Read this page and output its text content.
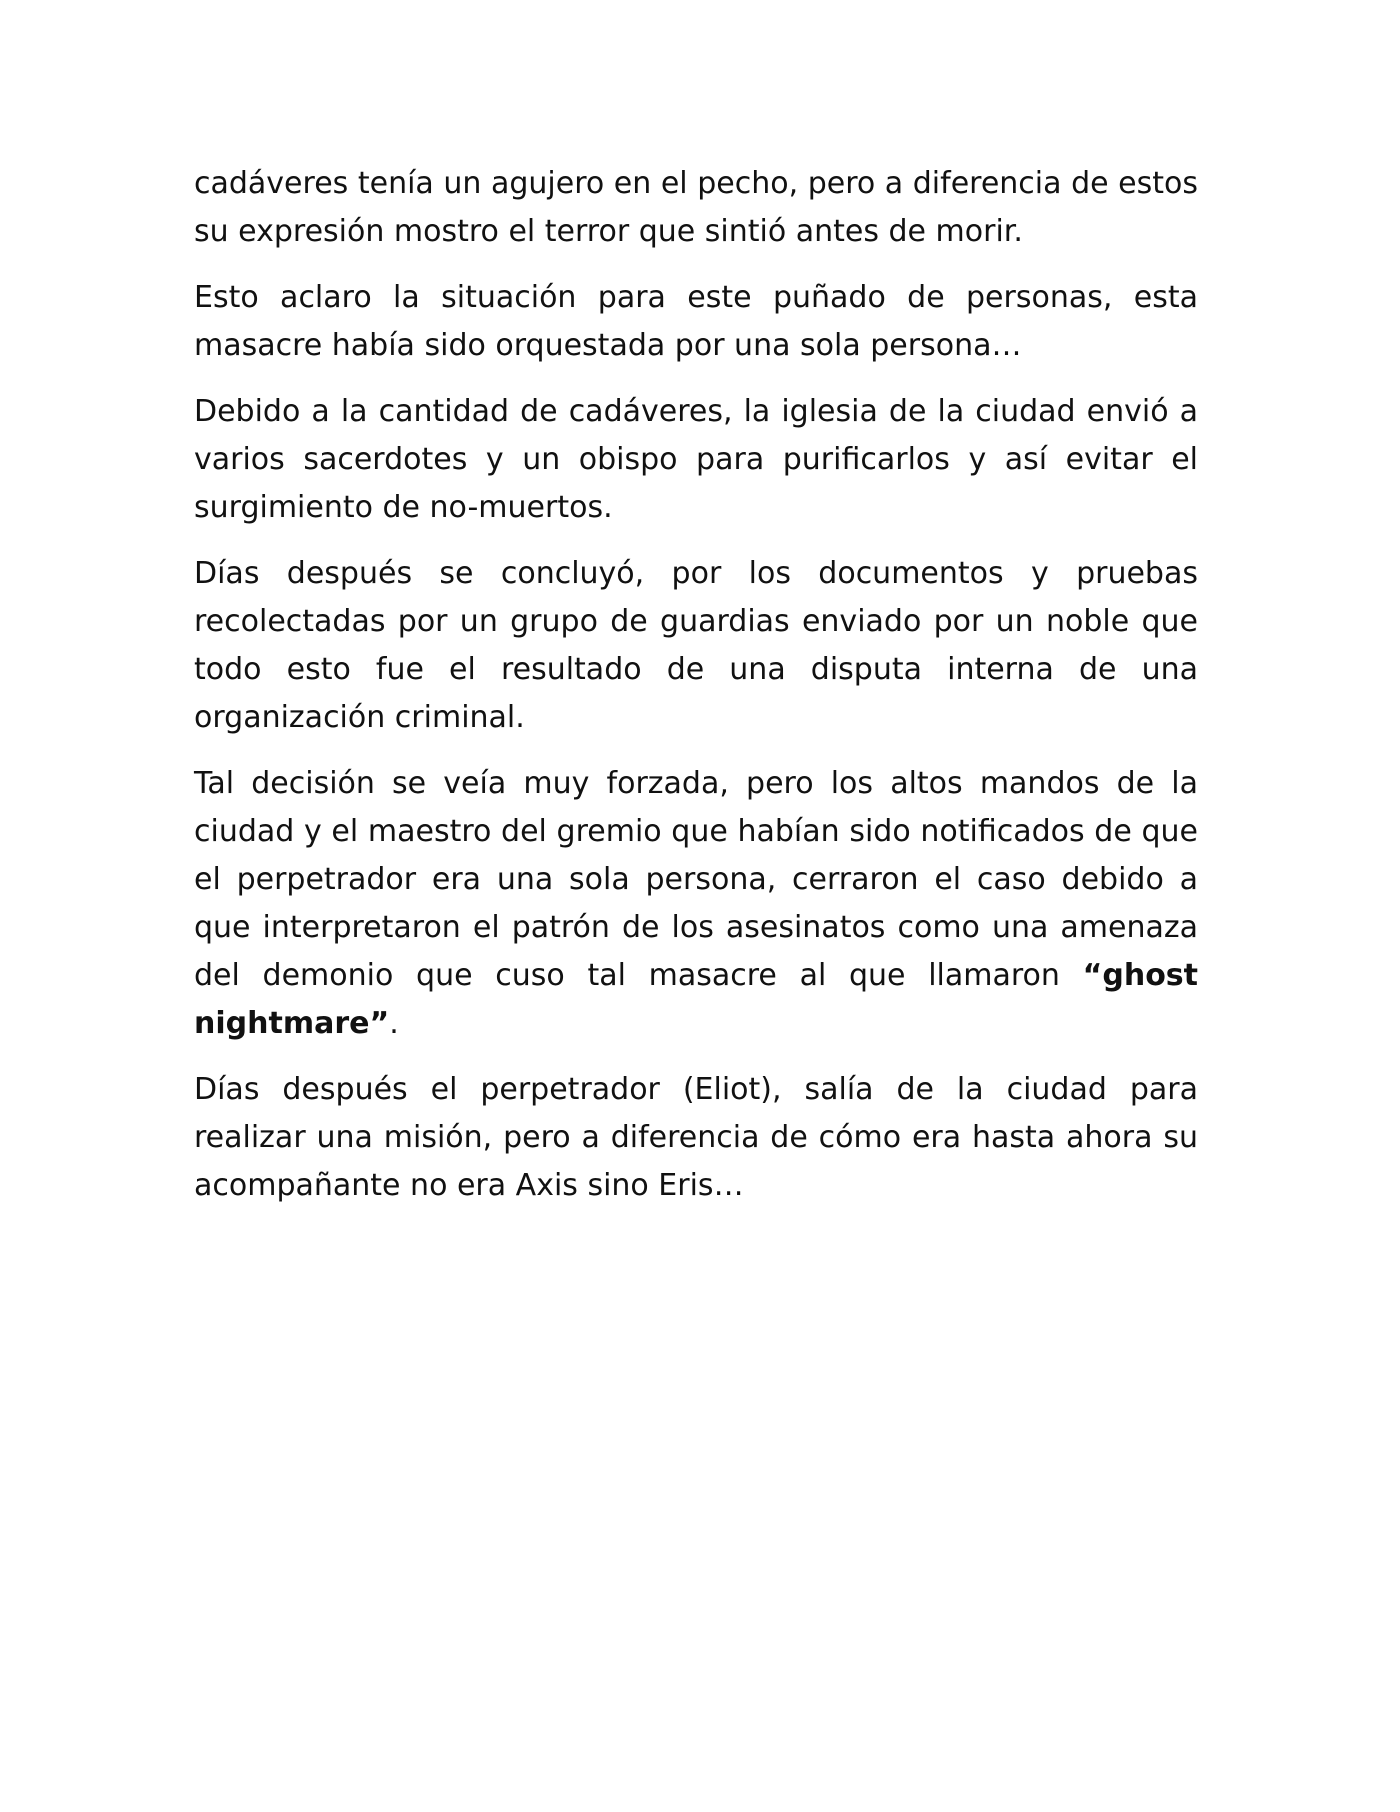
cadáveres tenía un agujero en el pecho, pero a diferencia de estos su expresión mostro el terror que sintió antes de morir.

Esto aclaro la situación para este puñado de personas, esta masacre había sido orquestada por una sola persona…

Debido a la cantidad de cadáveres, la iglesia de la ciudad envió a varios sacerdotes y un obispo para purificarlos y así evitar el surgimiento de no-muertos.

Días después se concluyó, por los documentos y pruebas recolectadas por un grupo de guardias enviado por un noble que todo esto fue el resultado de una disputa interna de una organización criminal.

Tal decisión se veía muy forzada, pero los altos mandos de la ciudad y el maestro del gremio que habían sido notificados de que el perpetrador era una sola persona, cerraron el caso debido a que interpretaron el patrón de los asesinatos como una amenaza del demonio que cuso tal masacre al que llamaron “ghost nightmare”.

Días después el perpetrador (Eliot), salía de la ciudad para realizar una misión, pero a diferencia de cómo era hasta ahora su acompañante no era Axis sino Eris…
